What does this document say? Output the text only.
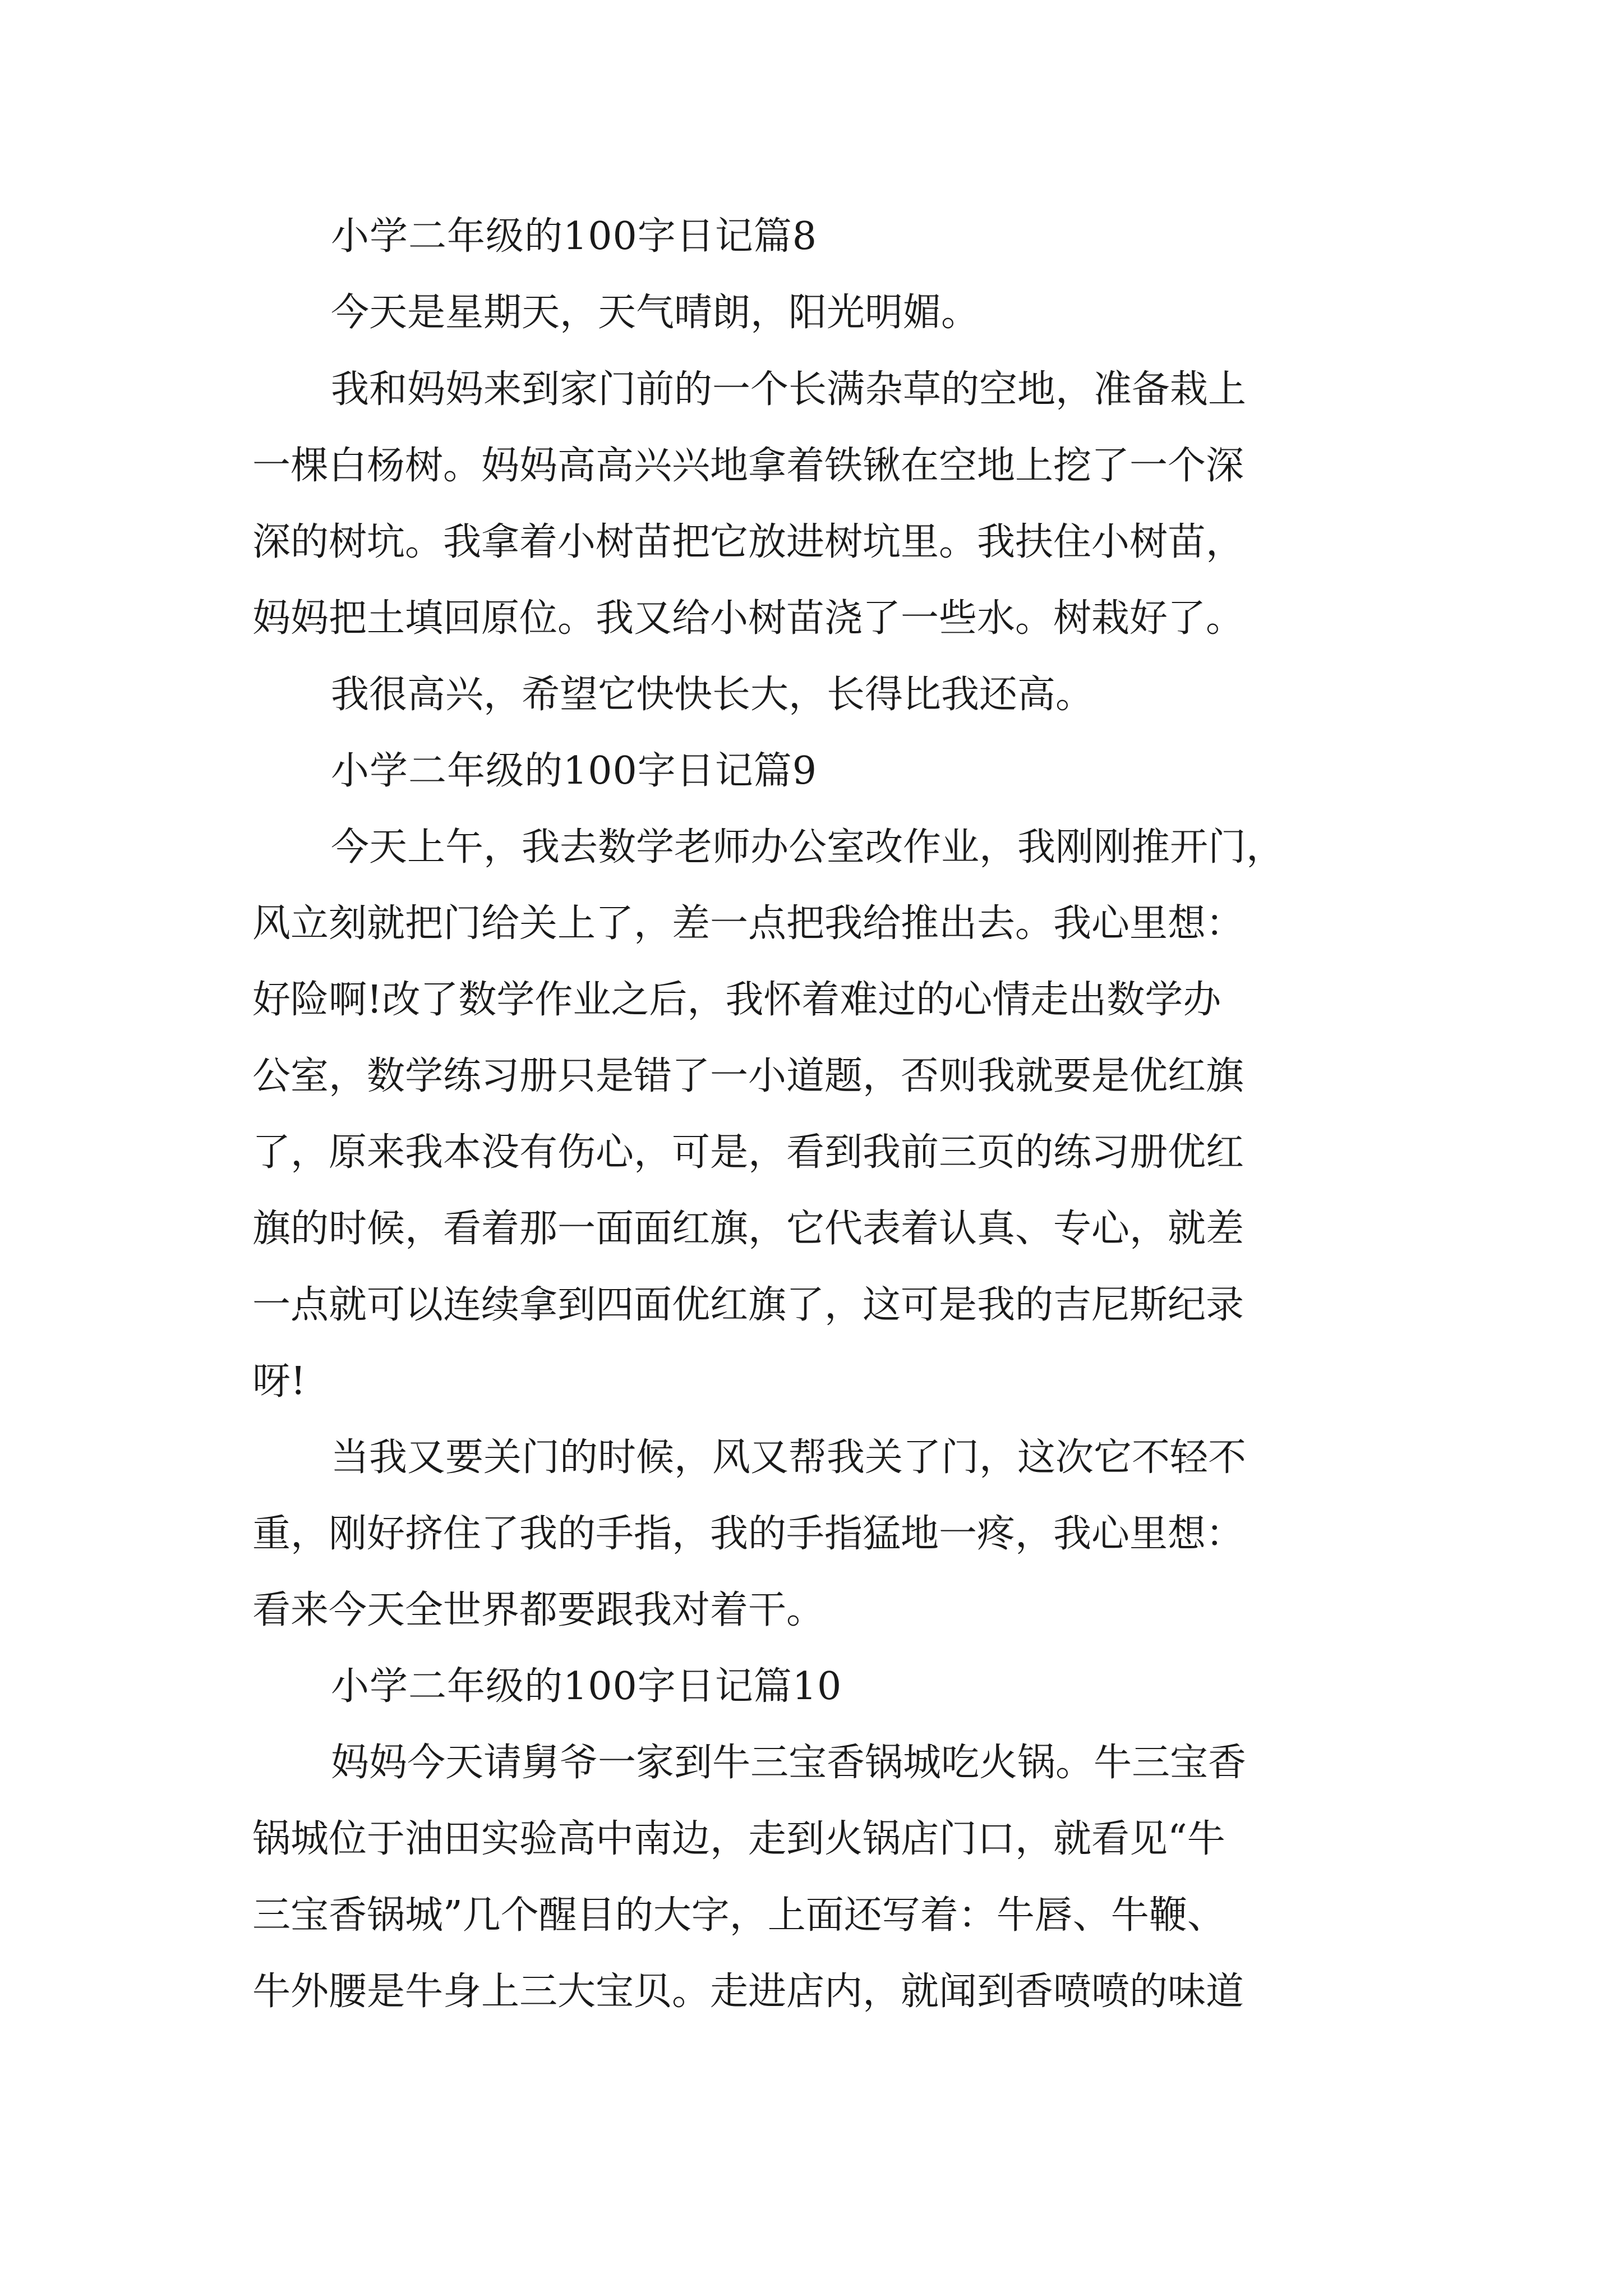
小学二年级的100字日记篇8
今天是星期天，天气晴朗，阳光明媚。
我和妈妈来到家门前的一个长满杂草的空地，准备栽上
一棵白杨树。妈妈高高兴兴地拿着铁锹在空地上挖了一个深
深的树坑。我拿着小树苗把它放进树坑里。我扶住小树苗，
妈妈把土填回原位。我又给小树苗浇了一些水。树栽好了。
我很高兴，希望它快快长大，长得比我还高。
小学二年级的100字日记篇9
今天上午，我去数学老师办公室改作业，我刚刚推开门，
风立刻就把门给关上了，差一点把我给推出去。我心里想：
好险啊!改了数学作业之后，我怀着难过的心情走出数学办
公室，数学练习册只是错了一小道题，否则我就要是优红旗
了，原来我本没有伤心，可是，看到我前三页的练习册优红
旗的时候，看着那一面面红旗，它代表着认真、专心，就差
一点就可以连续拿到四面优红旗了，这可是我的吉尼斯纪录
呀!
当我又要关门的时候，风又帮我关了门，这次它不轻不
重，刚好挤住了我的手指，我的手指猛地一疼，我心里想：
看来今天全世界都要跟我对着干。
小学二年级的100字日记篇10
妈妈今天请舅爷一家到牛三宝香锅城吃火锅。牛三宝香
锅城位于油田实验高中南边，走到火锅店门口，就看见“牛
三宝香锅城”几个醒目的大字，上面还写着：牛唇、牛鞭、
牛外腰是牛身上三大宝贝。走进店内，就闻到香喷喷的味道
